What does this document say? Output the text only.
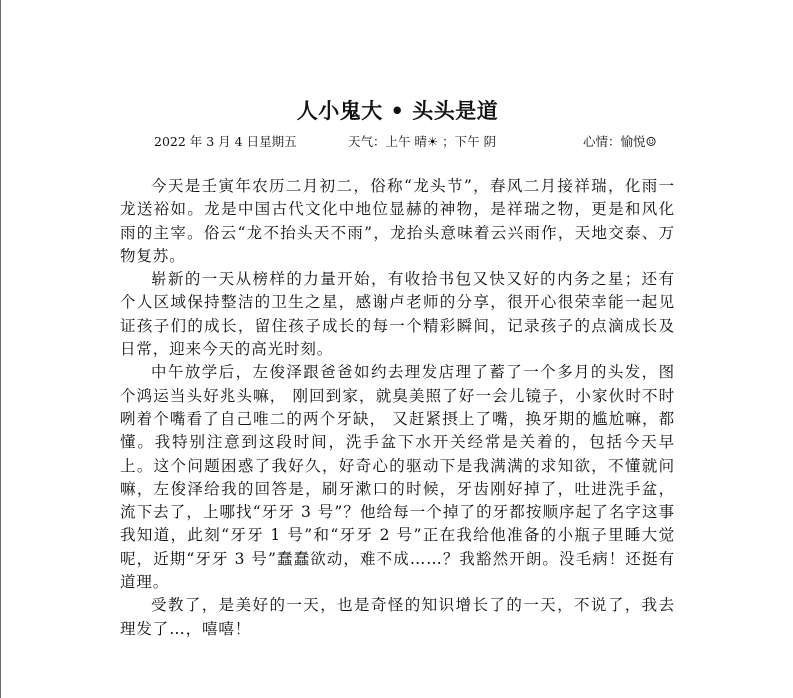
人小鬼大 • 头头是道
2022 年 3 月 4 日星期五	天气：上午 晴☀ ；下午 阴	心情：愉悦☺

今天是壬寅年农历二月初二，俗称“龙头节”，春风二月接祥瑞，化雨一龙送裕如。龙是中国古代文化中地位显赫的神物，是祥瑞之物，更是和风化雨的主宰。俗云“龙不抬头天不雨”，龙抬头意味着云兴雨作，天地交泰、万物复苏。

崭新的一天从榜样的力量开始，有收拾书包又快又好的内务之星；还有个人区域保持整洁的卫生之星，感谢卢老师的分享，很开心很荣幸能一起见证孩子们的成长，留住孩子成长的每一个精彩瞬间，记录孩子的点滴成长及日常，迎来今天的高光时刻。

中午放学后，左俊泽跟爸爸如约去理发店理了蓄了一个多月的头发，图个鸿运当头好兆头嘛， 刚回到家，就臭美照了好一会儿镜子，小家伙时不时咧着个嘴看了自己唯二的两个牙缺， 又赶紧摂上了嘴，换牙期的尴尬嘛，都懂。我特别注意到这段时间，洗手盆下水开关经常是关着的，包括今天早上。这个问题困惑了我好久，好奇心的驱动下是我满满的求知欲，不懂就问嘛，左俊泽给我的回答是，刷牙漱口的时候，牙齿刚好掉了，吐进洗手盆，流下去了，上哪找“牙牙 3 号”？他给每一个掉了的牙都按顺序起了名字这事我知道，此刻“牙牙 1 号”和“牙牙 2 号”正在我给他准备的小瓶子里睡大觉呢，近期“牙牙 3 号”蠢蠢欲动，难不成……？我豁然开朗。没毛病！还挺有道理。

受教了，是美好的一天，也是奇怪的知识增长了的一天，不说了，我去理发了…，嘻嘻！
